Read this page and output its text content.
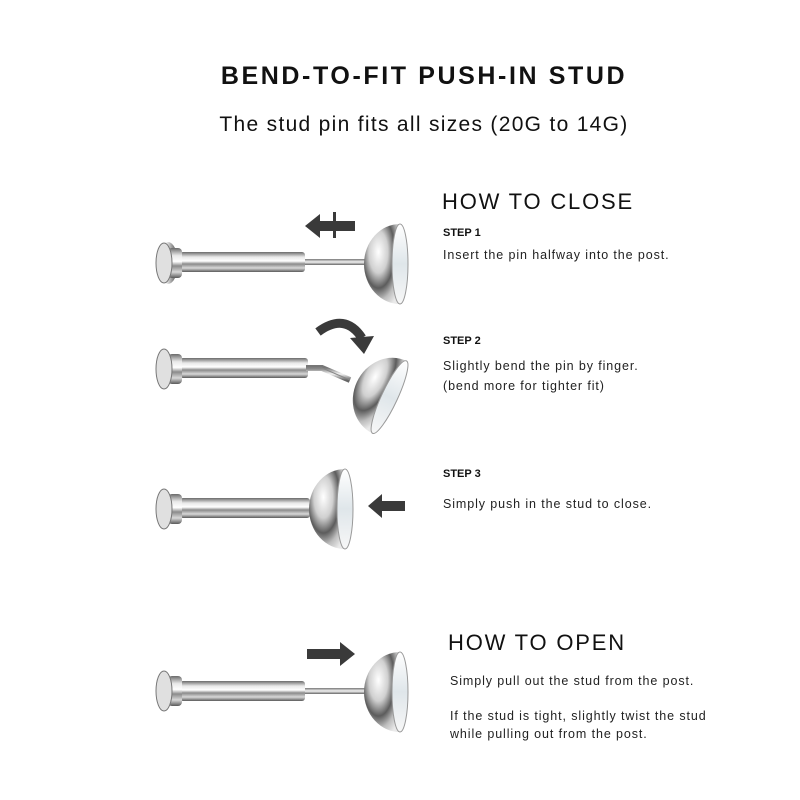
BEND-TO-FIT PUSH-IN STUD
The stud pin fits all sizes (20G to 14G)
HOW TO CLOSE
STEP 1
Insert the pin halfway into the post.
STEP 2
Slightly bend the pin by finger.
(bend more for tighter fit)
STEP 3
Simply push in the stud to close.
HOW TO OPEN
Simply pull out the stud from the post.
If the stud is tight, slightly twist the stud
while pulling out from the post.
